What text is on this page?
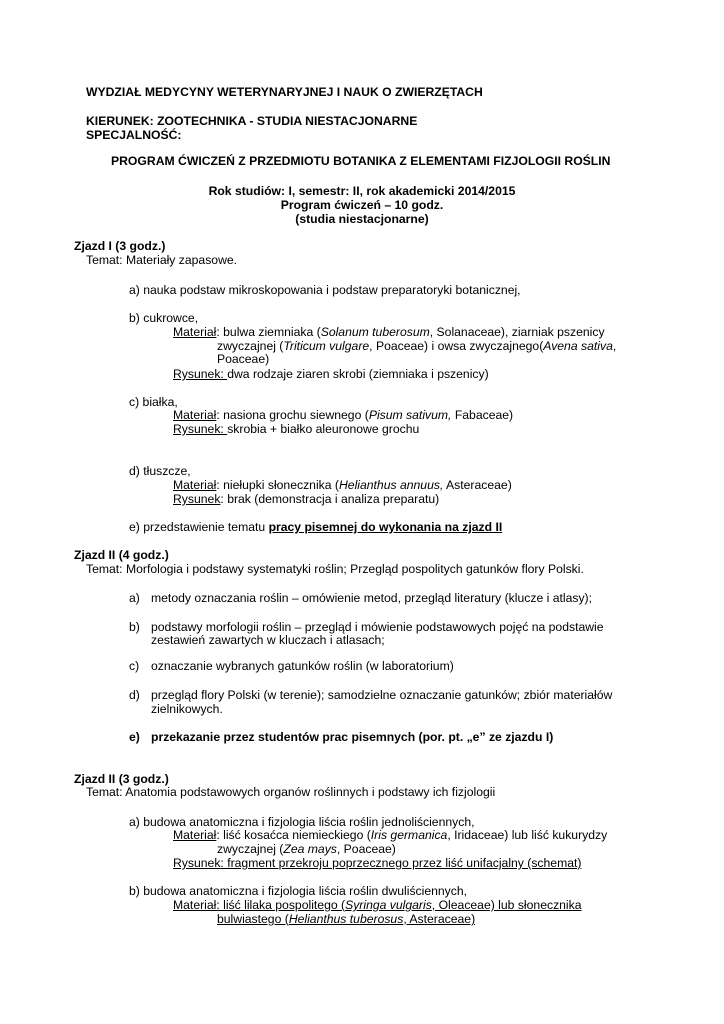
WYDZIAŁ MEDYCYNY WETERYNARYJNEJ I NAUK O ZWIERZĘTACH
KIERUNEK: ZOOTECHNIKA - STUDIA NIESTACJONARNE
SPECJALNOŚĆ:
PROGRAM ĆWICZEŃ Z PRZEDMIOTU BOTANIKA Z ELEMENTAMI FIZJOLOGII ROŚLIN
Rok studiów: I, semestr: II, rok akademicki 2014/2015
Program ćwiczeń – 10 godz.
(studia niestacjonarne)
Zjazd I (3 godz.)
Temat: Materiały zapasowe.
a) nauka podstaw mikroskopowania i podstaw preparatoryki botanicznej,
b) cukrowce,
Materiał: bulwa ziemniaka (Solanum tuberosum, Solanaceae), ziarniak pszenicy
zwyczajnej (Triticum vulgare, Poaceae) i owsa zwyczajnego(Avena sativa,
Poaceae)
Rysunek: dwa rodzaje ziaren skrobi (ziemniaka i pszenicy)
c) białka,
Materiał: nasiona grochu siewnego (Pisum sativum, Fabaceae)
Rysunek: skrobia + białko aleuronowe grochu
d) tłuszcze,
Materiał: niełupki słonecznika (Helianthus annuus, Asteraceae)
Rysunek: brak (demonstracja i analiza preparatu)
e) przedstawienie tematu pracy pisemnej do wykonania na zjazd II
Zjazd II (4 godz.)
Temat: Morfologia i podstawy systematyki roślin; Przegląd pospolitych gatunków flory Polski.
a) metody oznaczania roślin – omówienie metod, przegląd literatury (klucze i atlasy);
b) podstawy morfologii roślin – przegląd i mówienie podstawowych pojęć na podstawie
zestawień zawartych w kluczach i atlasach;
c) oznaczanie wybranych gatunków roślin (w laboratorium)
d) przegląd flory Polski (w terenie); samodzielne oznaczanie gatunków; zbiór materiałów
zielnikowych.
e) przekazanie przez studentów prac pisemnych (por. pt. „e” ze zjazdu I)
Zjazd II (3 godz.)
Temat: Anatomia podstawowych organów roślinnych i podstawy ich fizjologii
a) budowa anatomiczna i fizjologia liścia roślin jednoliściennych,
Materiał: liść kosaćca niemieckiego (Iris germanica, Iridaceae) lub liść kukurydzy
zwyczajnej (Zea mays, Poaceae)
Rysunek: fragment przekroju poprzecznego przez liść unifacjalny (schemat)
b) budowa anatomiczna i fizjologia liścia roślin dwuliściennych,
Materiał: liść lilaka pospolitego (Syringa vulgaris, Oleaceae) lub słonecznika
bulwiastego (Helianthus tuberosus, Asteraceae)
